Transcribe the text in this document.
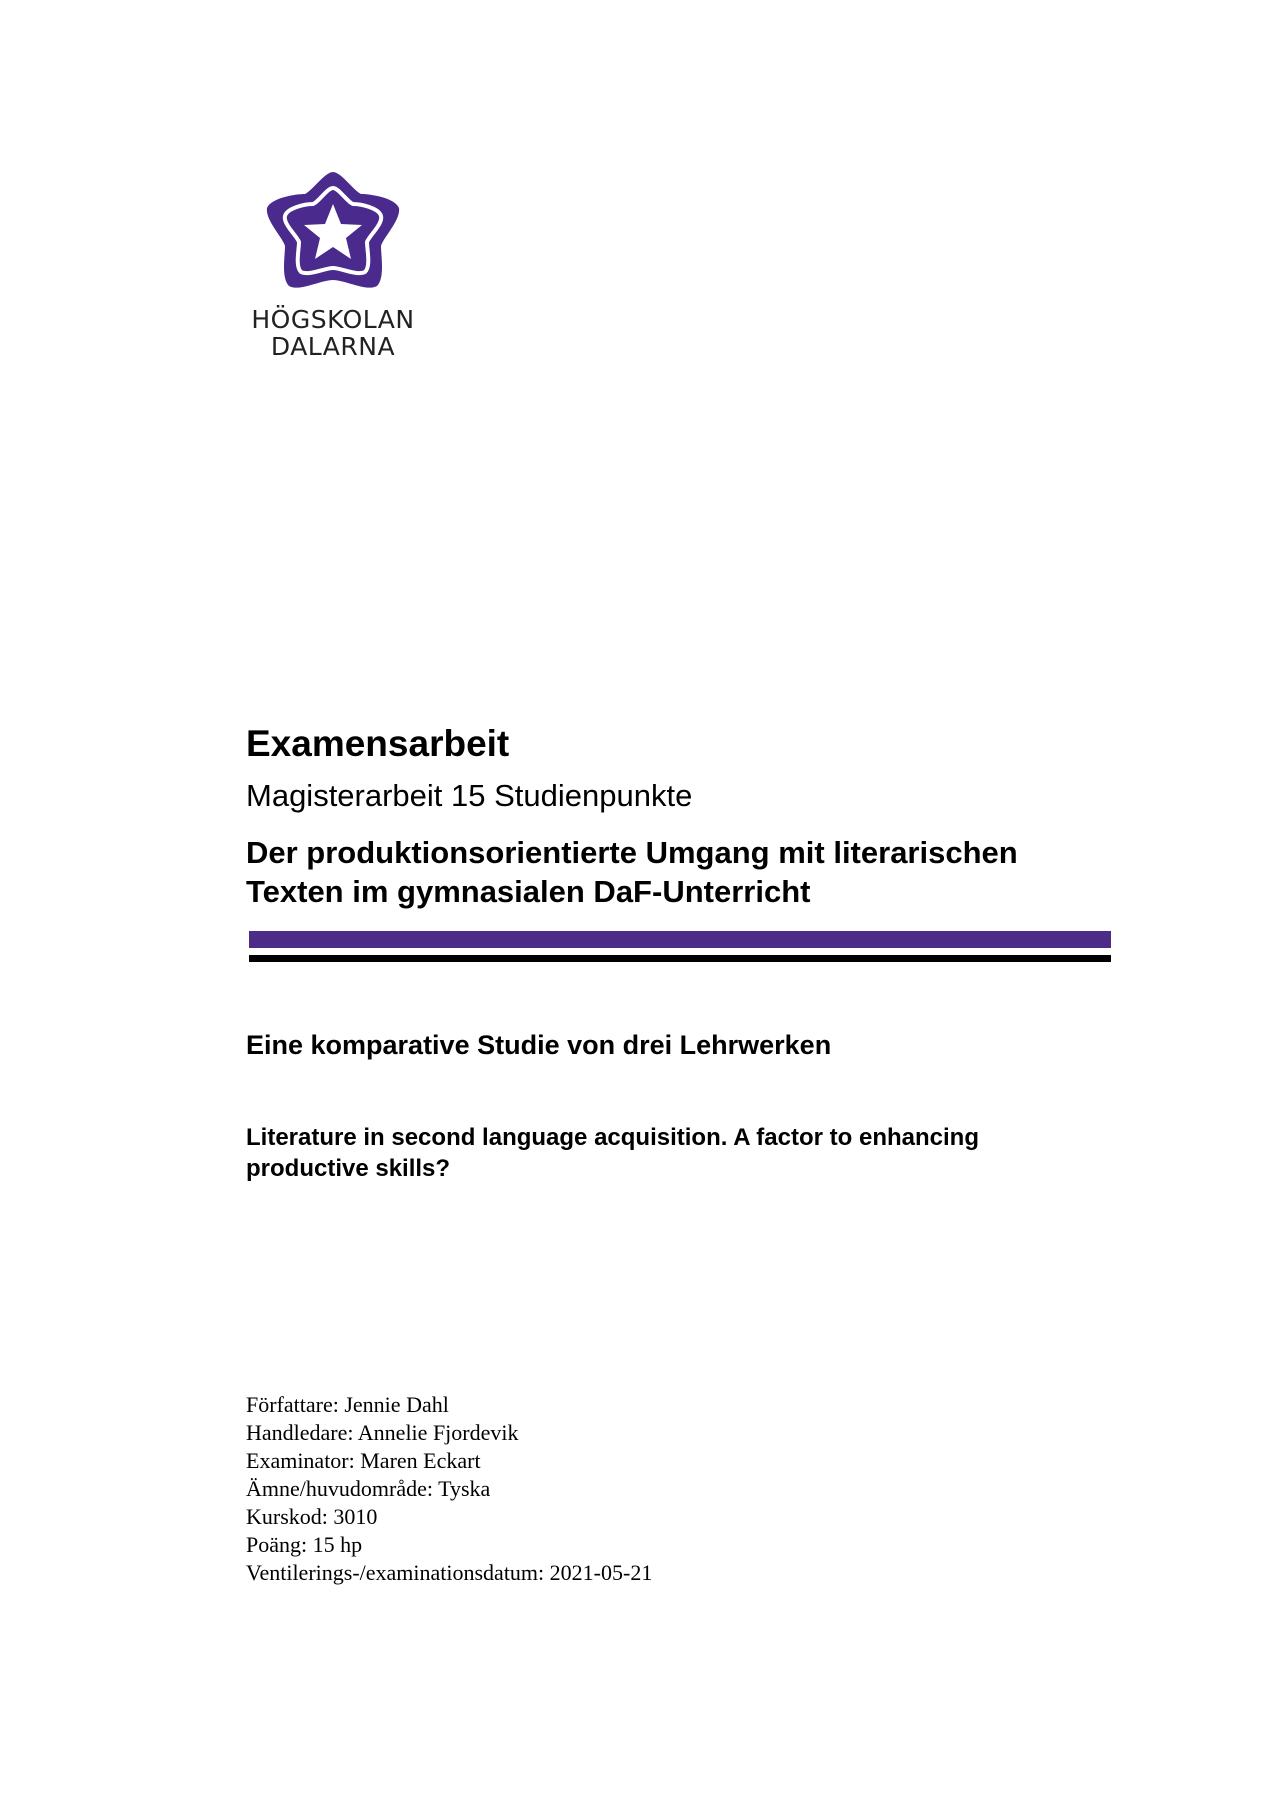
HÖGSKOLAN
DALARNA
Examensarbeit
Magisterarbeit 15 Studienpunkte
Der produktionsorientierte Umgang mit literarischen
Texten im gymnasialen DaF-Unterricht
Eine komparative Studie von drei Lehrwerken
Literature in second language acquisition. A factor to enhancing
productive skills?
Författare: Jennie Dahl
Handledare: Annelie Fjordevik
Examinator: Maren Eckart
Ämne/huvudområde: Tyska
Kurskod: 3010
Poäng: 15 hp
Ventilerings-/examinationsdatum: 2021-05-21
